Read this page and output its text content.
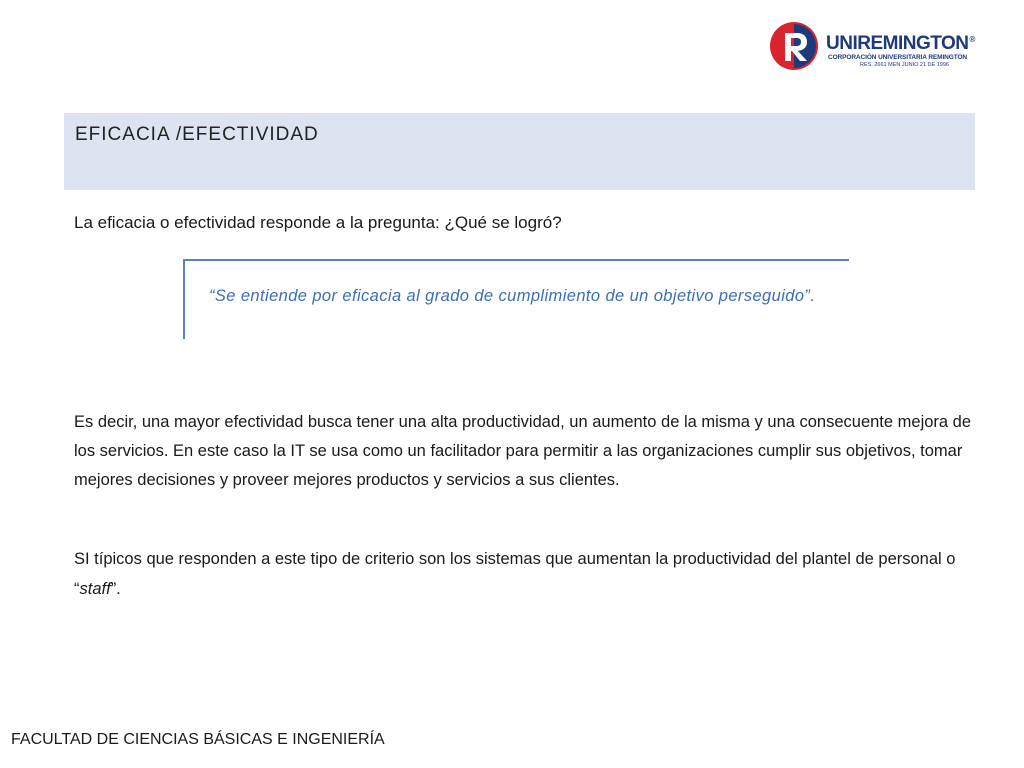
UNIREMINGTON®
CORPORACIÓN UNIVERSITARIA REMINGTON
RES. 2661 MEN JUNIO 21 DE 1996
EFICACIA /EFECTIVIDAD

La eficacia o efectividad responde a la pregunta: ¿Qué se logró?

“Se entiende por eficacia al grado de cumplimiento de un objetivo perseguido”.

Es decir, una mayor efectividad busca tener una alta productividad, un aumento de la misma y una consecuente mejora de los servicios. En este caso la IT se usa como un facilitador para permitir a las organizaciones cumplir sus objetivos, tomar mejores decisiones y proveer mejores productos y servicios a sus clientes.

SI típicos que responden a este tipo de criterio son los sistemas que aumentan la productividad del plantel de personal o “staff”.

FACULTAD DE CIENCIAS BÁSICAS E INGENIERÍA
